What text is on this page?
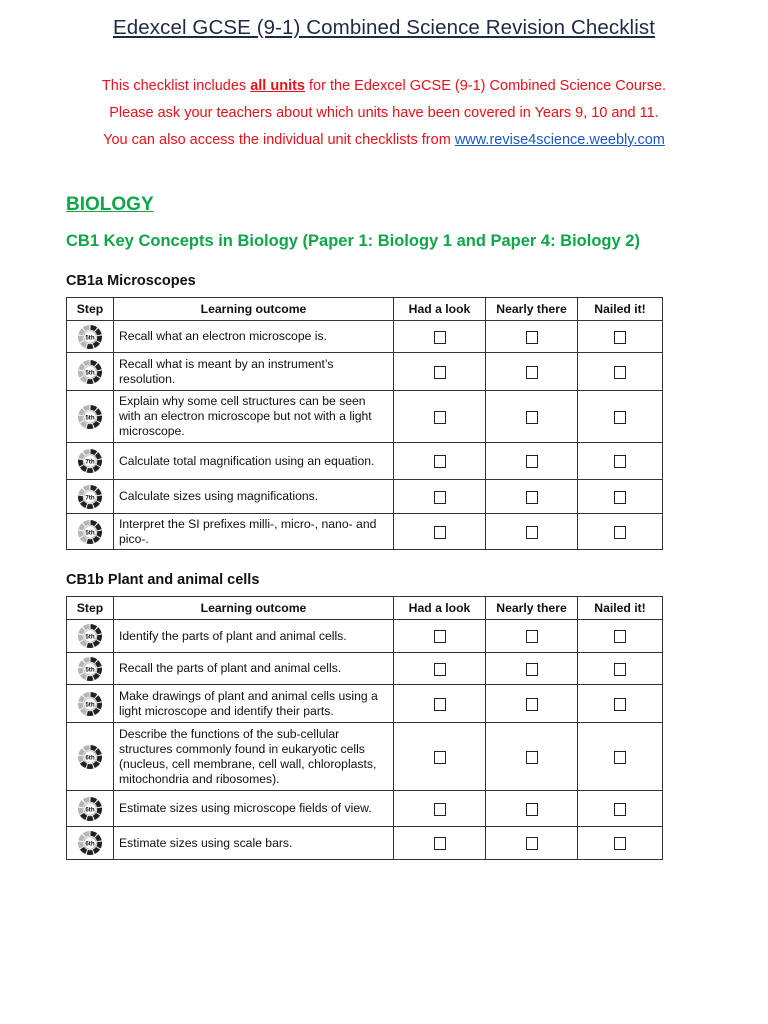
Edexcel GCSE (9-1) Combined Science Revision Checklist
This checklist includes all units for the Edexcel GCSE (9-1) Combined Science Course.
Please ask your teachers about which units have been covered in Years 9, 10 and 11.
You can also access the individual unit checklists from www.revise4science.weebly.com
BIOLOGY
CB1 Key Concepts in Biology (Paper 1: Biology 1 and Paper 4: Biology 2)
CB1a Microscopes
Step	Learning outcome	Had a look	Nearly there	Nailed it!

5th	Recall what an electron microscope is.			

5th	Recall what is meant by an instrument’s resolution.			

5th	Explain why some cell structures can be seen with an electron microscope but not with a light microscope.			

7th	Calculate total magnification using an equation.			

7th	Calculate sizes using magnifications.			

5th	Interpret the SI prefixes milli-, micro-, nano- and pico-.			
CB1b Plant and animal cells
Step	Learning outcome	Had a look	Nearly there	Nailed it!

5th	Identify the parts of plant and animal cells.			

5th	Recall the parts of plant and animal cells.			

5th	Make drawings of plant and animal cells using a light microscope and identify their parts.			

6th	Describe the functions of the sub-cellular structures commonly found in eukaryotic cells (nucleus, cell membrane, cell wall, chloroplasts, mitochondria and ribosomes).			

6th	Estimate sizes using microscope fields of view.			

6th	Estimate sizes using scale bars.			
